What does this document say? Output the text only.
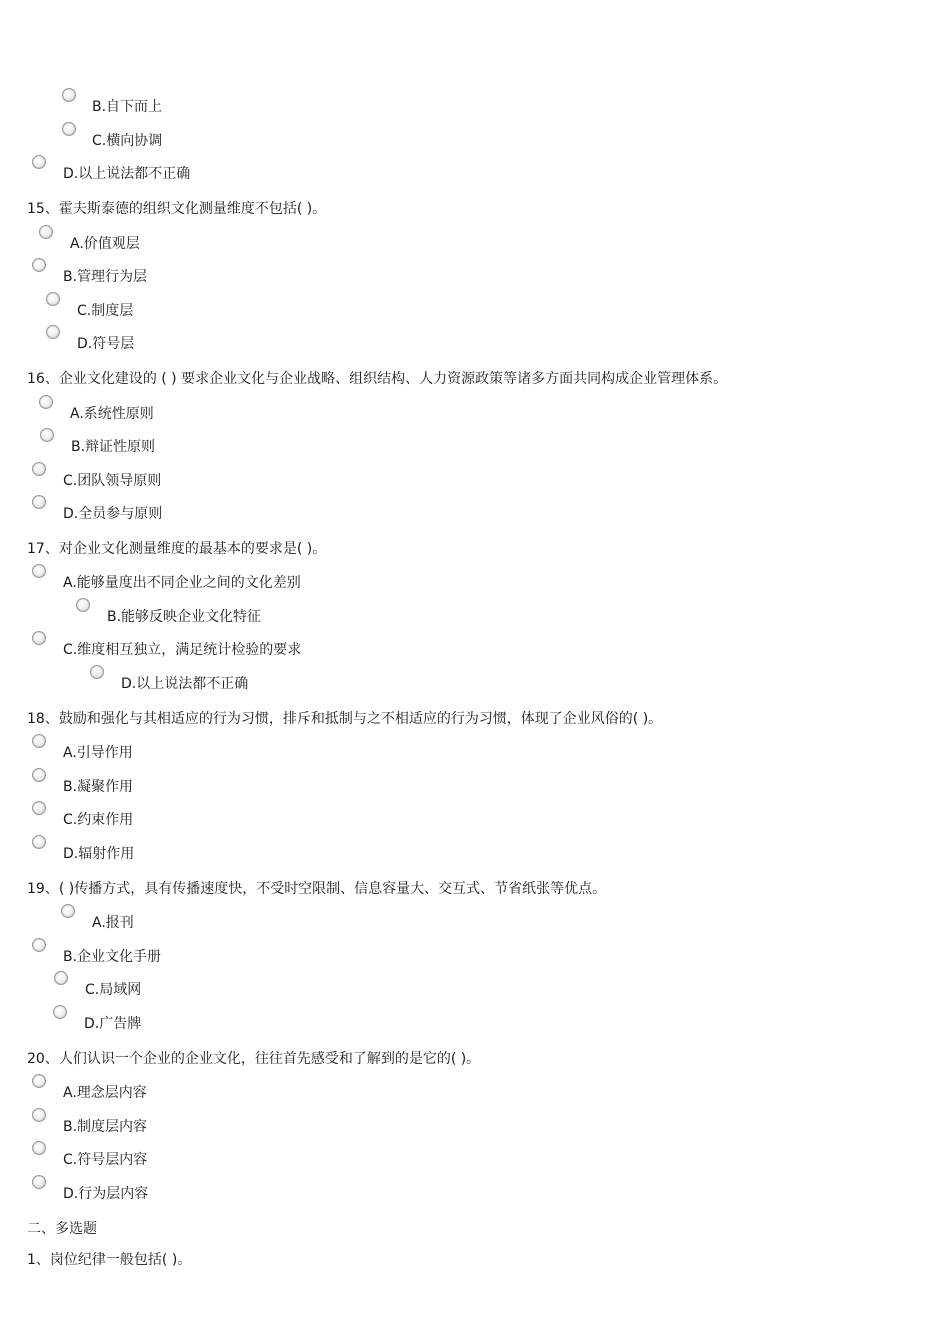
B.自下而上
C.横向协调
D.以上说法都不正确
15、霍夫斯泰德的组织文化测量维度不包括( )。
A.价值观层
B.管理行为层
C.制度层
D.符号层
16、企业文化建设的 ( ) 要求企业文化与企业战略、组织结构、人力资源政策等诸多方面共同构成企业管理体系。
A.系统性原则
B.辩证性原则
C.团队领导原则
D.全员参与原则
17、对企业文化测量维度的最基本的要求是( )。
A.能够量度出不同企业之间的文化差别
B.能够反映企业文化特征
C.维度相互独立，满足统计检验的要求
D.以上说法都不正确
18、鼓励和强化与其相适应的行为习惯，排斥和抵制与之不相适应的行为习惯，体现了企业风俗的( )。
A.引导作用
B.凝聚作用
C.约束作用
D.辐射作用
19、( )传播方式，具有传播速度快，不受时空限制、信息容量大、交互式、节省纸张等优点。
A.报刊
B.企业文化手册
C.局域网
D.广告牌
20、人们认识一个企业的企业文化，往往首先感受和了解到的是它的( )。
A.理念层内容
B.制度层内容
C.符号层内容
D.行为层内容
二、多选题
1、岗位纪律一般包括( )。
